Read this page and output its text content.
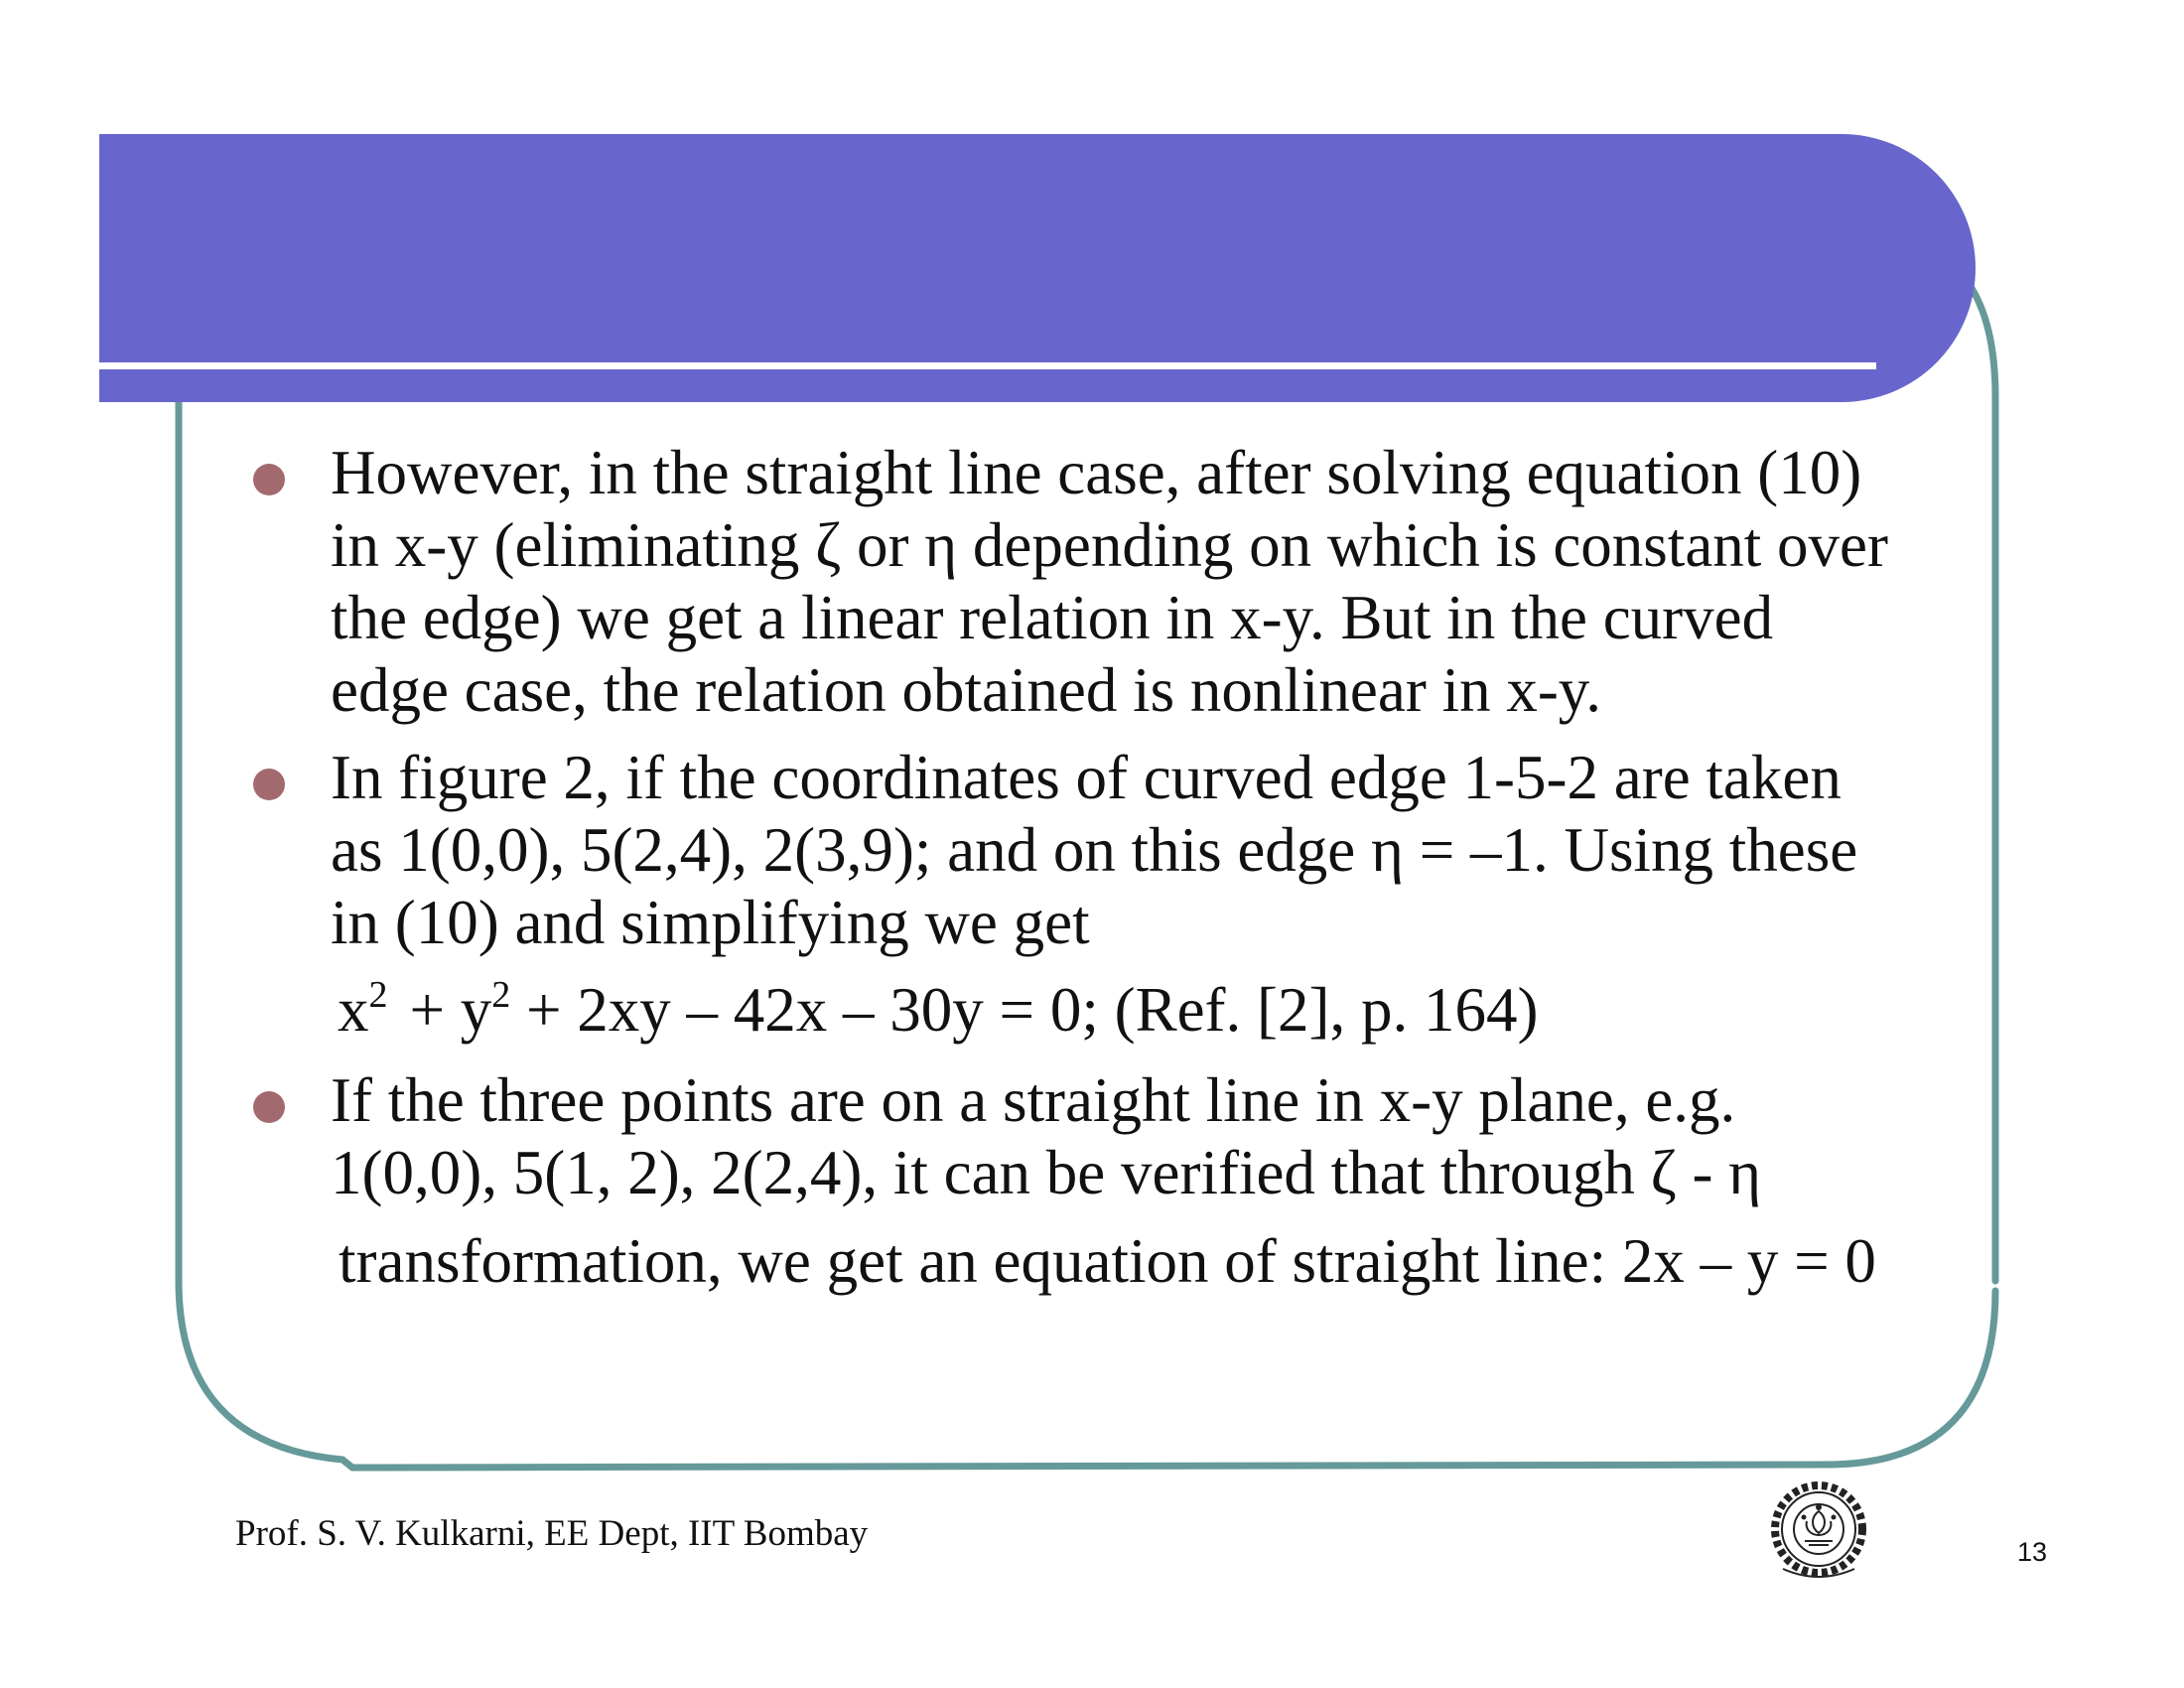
However, in the straight line case, after solving equation (10)
in x-y (eliminating ζ or η depending on which is constant over
the edge) we get a linear relation in x-y. But in the curved
edge case, the relation obtained is nonlinear in x-y.
In figure 2, if the coordinates of curved edge 1-5-2 are taken
as 1(0,0), 5(2,4), 2(3,9); and on this edge η = –1. Using these
in (10) and simplifying we get
$x^2 + y^2 + 2xy - 42x - 30y = 0$; (Ref. [2], p. 164)
If the three points are on a straight line in x-y plane, e.g.
1(0,0), 5(1, 2), 2(2,4), it can be verified that through ζ - η
transformation, we get an equation of straight line: 2x – y = 0
Prof. S. V. Kulkarni, EE Dept, IIT Bombay	13
